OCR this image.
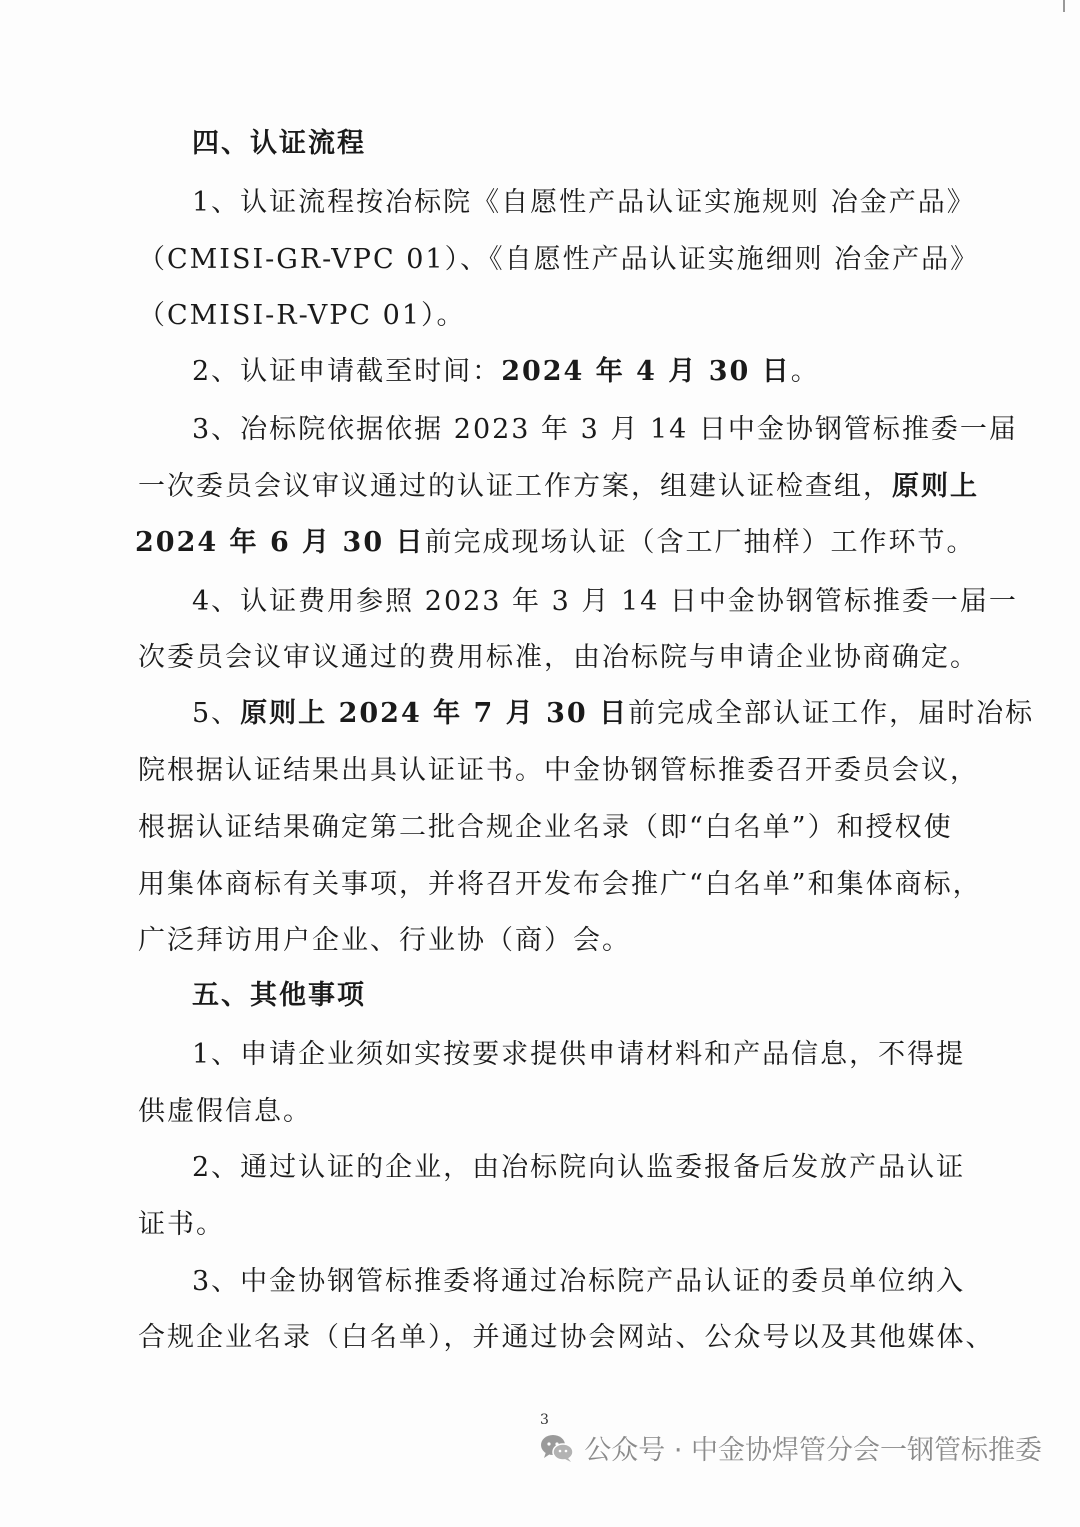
四、认证流程
1、认证流程按冶标院《自愿性产品认证实施规则 冶金产品》
（CMISI-GR-VPC 01）、《自愿性产品认证实施细则 冶金产品》
（CMISI-R-VPC 01）。
2、认证申请截至时间：2024 年 4 月 30 日。
3、冶标院依据依据 2023 年 3 月 14 日中金协钢管标推委一届
一次委员会议审议通过的认证工作方案，组建认证检查组，原则上
2024 年 6 月 30 日前完成现场认证（含工厂抽样）工作环节。
4、认证费用参照 2023 年 3 月 14 日中金协钢管标推委一届一
次委员会议审议通过的费用标准，由冶标院与申请企业协商确定。
5、原则上 2024 年 7 月 30 日前完成全部认证工作，届时冶标
院根据认证结果出具认证证书。中金协钢管标推委召开委员会议，
根据认证结果确定第二批合规企业名录（即“白名单”）和授权使
用集体商标有关事项，并将召开发布会推广“白名单”和集体商标，
广泛拜访用户企业、行业协（商）会。
五、其他事项
1、申请企业须如实按要求提供申请材料和产品信息，不得提
供虚假信息。
2、通过认证的企业，由冶标院向认监委报备后发放产品认证
证书。
3、中金协钢管标推委将通过冶标院产品认证的委员单位纳入
合规企业名录（白名单），并通过协会网站、公众号以及其他媒体、
3
公众号 · 中金协焊管分会一钢管标推委
